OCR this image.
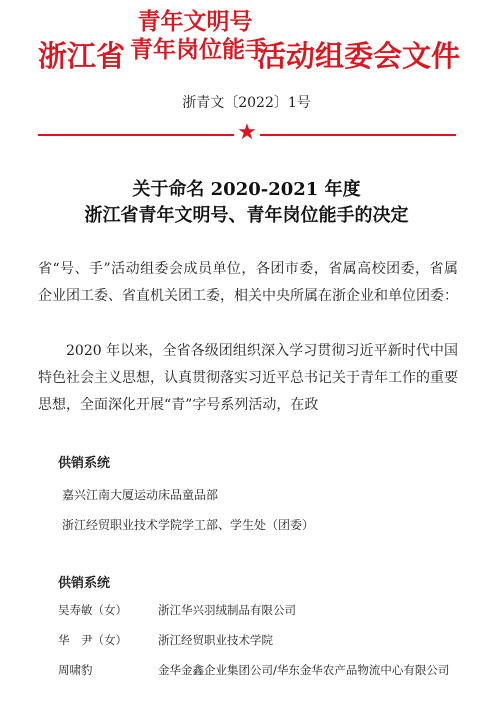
浙江省
青年文明号
青年岗位能手
活动组委会文件
浙青文〔2022〕1号
★
关于命名 2020-2021 年度
浙江省青年文明号、青年岗位能手的决定
省“号、手”活动组委会成员单位，各团市委，省属高校团委，省属企业团工委、省直机关团工委，相关中央所属在浙企业和单位团委：
2020 年以来，全省各级团组织深入学习贯彻习近平新时代中国特色社会主义思想，认真贯彻落实习近平总书记关于青年工作的重要思想，全面深化开展“青”字号系列活动，在政
供销系统
嘉兴江南大厦运动床品童品部
浙江经贸职业技术学院学工部、学生处（团委）
供销系统
吴寿敏（女）	浙江华兴羽绒制品有限公司
华　尹（女）	浙江经贸职业技术学院
周啸豹	金华金鑫企业集团公司/华东金华农产品物流中心有限公司
